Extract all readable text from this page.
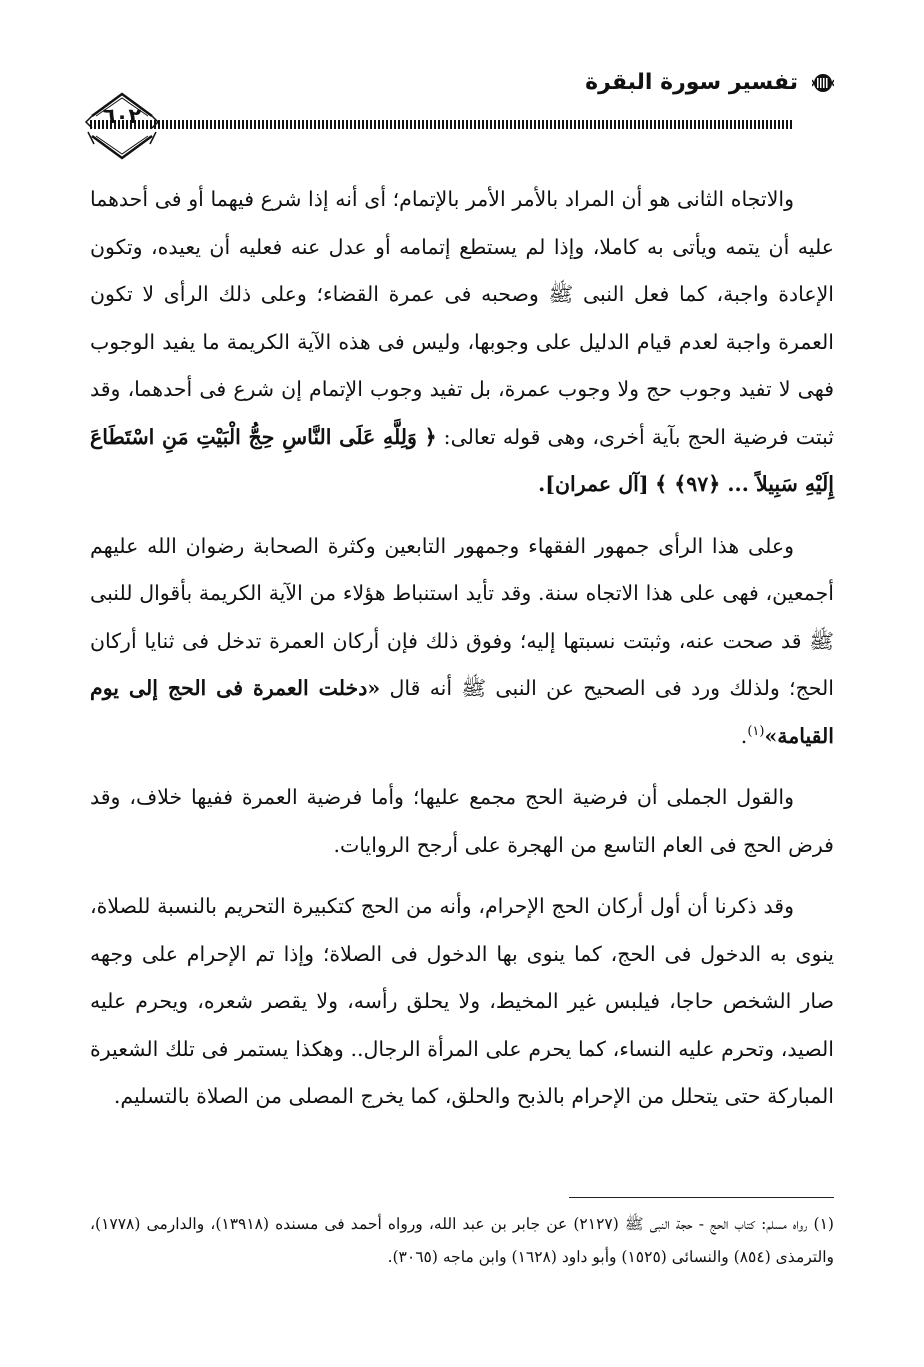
تفسير سورة البقرة
٦٠٢

والاتجاه الثانى هو أن المراد بالأمر الأمر بالإتمام؛ أى أنه إذا شرع فيهما أو فى أحدهما عليه أن يتمه ويأتى به كاملا، وإذا لم يستطع إتمامه أو عدل عنه فعليه أن يعيده، وتكون الإعادة واجبة، كما فعل النبى ﷺ وصحبه فى عمرة القضاء؛ وعلى ذلك الرأى لا تكون العمرة واجبة لعدم قيام الدليل على وجوبها، وليس فى هذه الآية الكريمة ما يفيد الوجوب فهى لا تفيد وجوب حج ولا وجوب عمرة، بل تفيد وجوب الإتمام إن شرع فى أحدهما، وقد ثبتت فرضية الحج بآية أخرى، وهى قوله تعالى: ﴿ وَلِلَّهِ عَلَى النَّاسِ حِجُّ الْبَيْتِ مَنِ اسْتَطَاعَ إِلَيْهِ سَبِيلاً ... ﴿٩٧﴾ ﴾ [آل عمران].

وعلى هذا الرأى جمهور الفقهاء وجمهور التابعين وكثرة الصحابة رضوان الله عليهم أجمعين، فهى على هذا الاتجاه سنة. وقد تأيد استنباط هؤلاء من الآية الكريمة بأقوال للنبى ﷺ قد صحت عنه، وثبتت نسبتها إليه؛ وفوق ذلك فإن أركان العمرة تدخل فى ثنايا أركان الحج؛ ولذلك ورد فى الصحيح عن النبى ﷺ أنه قال «دخلت العمرة فى الحج إلى يوم القيامة»$^{(١)}$.

والقول الجملى أن فرضية الحج مجمع عليها؛ وأما فرضية العمرة ففيها خلاف، وقد فرض الحج فى العام التاسع من الهجرة على أرجح الروايات.

وقد ذكرنا أن أول أركان الحج الإحرام، وأنه من الحج كتكبيرة التحريم بالنسبة للصلاة، ينوى به الدخول فى الحج، كما ينوى بها الدخول فى الصلاة؛ وإذا تم الإحرام على وجهه صار الشخص حاجا، فيلبس غير المخيط، ولا يحلق رأسه، ولا يقصر شعره، ويحرم عليه الصيد، وتحرم عليه النساء، كما يحرم على المرأة الرجال.. وهكذا يستمر فى تلك الشعيرة المباركة حتى يتحلل من الإحرام بالذبح والحلق، كما يخرج المصلى من الصلاة بالتسليم.

(١) رواه مسلم: كتاب الحج - حجة النبى ﷺ (٢١٢٧) عن جابر بن عبد الله، ورواه أحمد فى مسنده (١٣٩١٨)، والدارمى (١٧٧٨)، والترمذى (٨٥٤) والنسائى (١٥٢٥) وأبو داود (١٦٢٨) وابن ماجه (٣٠٦٥).
